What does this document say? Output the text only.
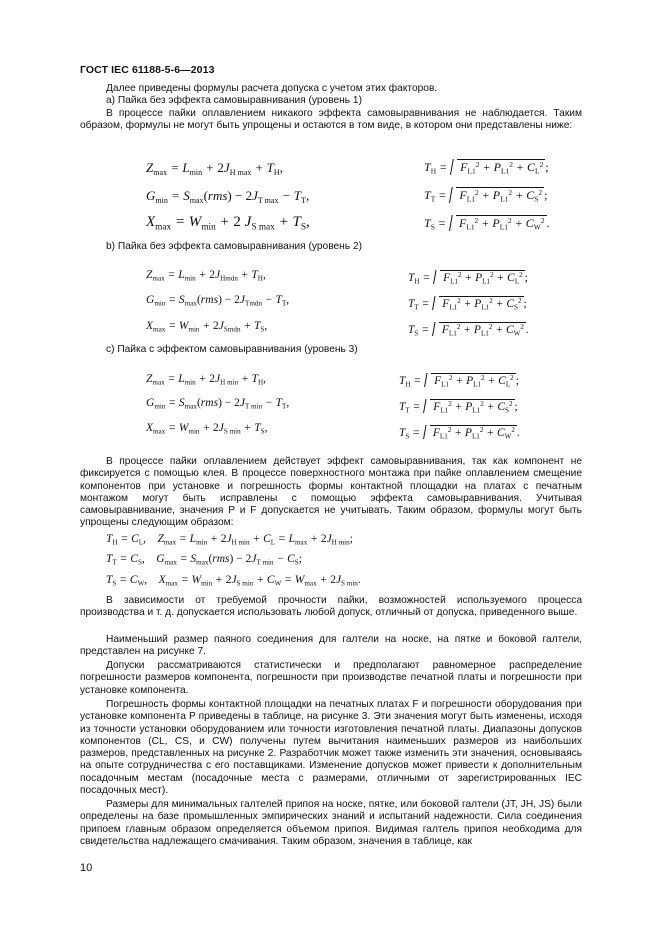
ГОСТ IEC 61188-5-6—2013
Далее приведены формулы расчета допуска с учетом этих факторов.
а) Пайка без эффекта самовыравнивания (уровень 1)
В процессе пайки оплавлением никакого эффекта самовыравнивания не наблюдается. Таким образом, формулы не могут быть упрощены и остаются в том виде, в котором они представлены ниже:
$Z_{max} = L_{min} + 2J_{H max} + T_H$,
$G_{min} = S_{max}(rms) - 2J_{T max} - T_T$,
$X_{max} = W_{min} + 2$ $J_{S max} + T_S$,
$T_H = F_{L1}^2 + P_{L1}^2 + C_L^2$ ;
$T_T = F_{L1}^2 + P_{L1}^2 + C_S^2$ ;
$T_S = F_{L1}^2 + P_{L1}^2 + C_W^2$ .
b) Пайка без эффекта самовыравнивания (уровень 2)
$Z_{max} = L_{min} + 2J_{Hmdn} + T_H$,
$G_{min} = S_{max}(rms) - 2J_{Tmdn} - T_T$,
$X_{max} = W_{min} + 2J_{Smdn} + T_S$,
$T_H = F_{L1}^2 + P_{L1}^2 + C_L^2$ ;
$T_T = F_{L1}^2 + P_{L1}^2 + C_S^2$ ;
$T_S = F_{L1}^2 + P_{L1}^2 + C_W^2$ .
с) Пайка с эффектом самовыравнивания (уровень 3)
$Z_{max} = L_{min} + 2J_{H min} + T_H$,
$G_{min} = S_{max}(rms) - 2J_{T min} - T_T$,
$X_{max} = W_{min} + 2J_{S min} + T_S$,
$T_H = F_{L1}^2 + P_{L1}^2 + C_L^2$ ;
$T_T = F_{L1}^2 + P_{L1}^2 + C_S^2$ ;
$T_S = F_{L1}^2 + P_{L1}^2 + C_W^2$ .
В процессе пайки оплавлением действует эффект самовыравнивания, так как компонент не фиксируется с помощью клея. В процессе поверхностного монтажа при пайке оплавлением смещение компонентов при установке и погрешность формы контактной площадки на платах с печатным монтажом могут быть исправлены с помощью эффекта самовыравнивания. Учитывая самовыравнивание, значения P и F допускается не учитывать. Таким образом, формулы могут быть упрощены следующим образом:
$T_H = C_L$,    $Z_{max} = L_{min} + 2J_{H min} + C_L = L_{max} + 2J_{H min}$;
$T_T = C_S$,    $G_{max} = S_{max}(rms) - 2J_{T min} - C_S$;
$T_S = C_W$,    $X_{max} = W_{min} + 2J_{S min} + C_W = W_{max} + 2J_{S min}$.
В зависимости от требуемой прочности пайки, возможностей используемого процесса производства и т. д. допускается использовать любой допуск, отличный от допуска, приведенного выше.
Наименьший размер паяного соединения для галтели на носке, на пятке и боковой галтели, представлен на рисунке 7.
Допуски рассматриваются статистически и предполагают равномерное распределение погрешности размеров компонента, погрешности при производстве печатной платы и погрешности при установке компонента.
Погрешность формы контактной площадки на печатных платах F и погрешности оборудования при установке компонента P приведены в таблице, на рисунке 3. Эти значения могут быть изменены, исходя из точности установки оборудованием или точности изготовления печатной платы. Диапазоны допусков компонентов (CL, CS, и CW) получены путем вычитания наименьших размеров из наибольших размеров, представленных на рисунке 2. Разработчик может также изменить эти значения, основываясь на опыте сотрудничества с его поставщиками. Изменение допусков может привести к дополнительным посадочным местам (посадочные места с размерами, отличными от зарегистрированных IEC посадочных мест).
Размеры для минимальных галтелей припоя на носке, пятке, или боковой галтели (JT, JH, JS) были определены на базе промышленных эмпирических знаний и испытаний надежности. Сила соединения припоем главным образом определяется объемом припоя. Видимая галтель припоя необходима для свидетельства надлежащего смачивания. Таким образом, значения в таблице, как
10
